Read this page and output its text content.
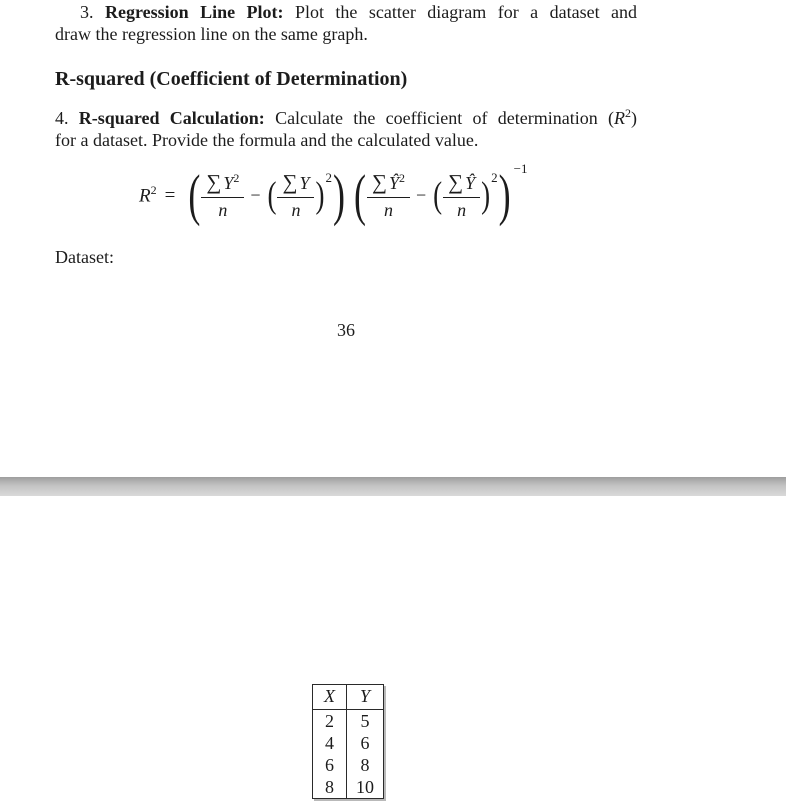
3. Regression Line Plot: Plot the scatter diagram for a dataset and
draw the regression line on the same graph.
R-squared (Coefficient of Determination)
4. R-squared Calculation: Calculate the coefficient of determination $(R^2)$
for a dataset. Provide the formula and the calculated value.
$R^2$ = ( $\frac{\sum Y^2}{n}$ − ( $\frac{\sum Y}{n} )^2$ ) ( $\frac{\sum Ŷ^2}{n}$ − ( $\frac{\sum Ŷ}{n} )^2$ )$^{-1}$
Dataset:
36
X	Y
2	5
4	6
6	8
8	10
